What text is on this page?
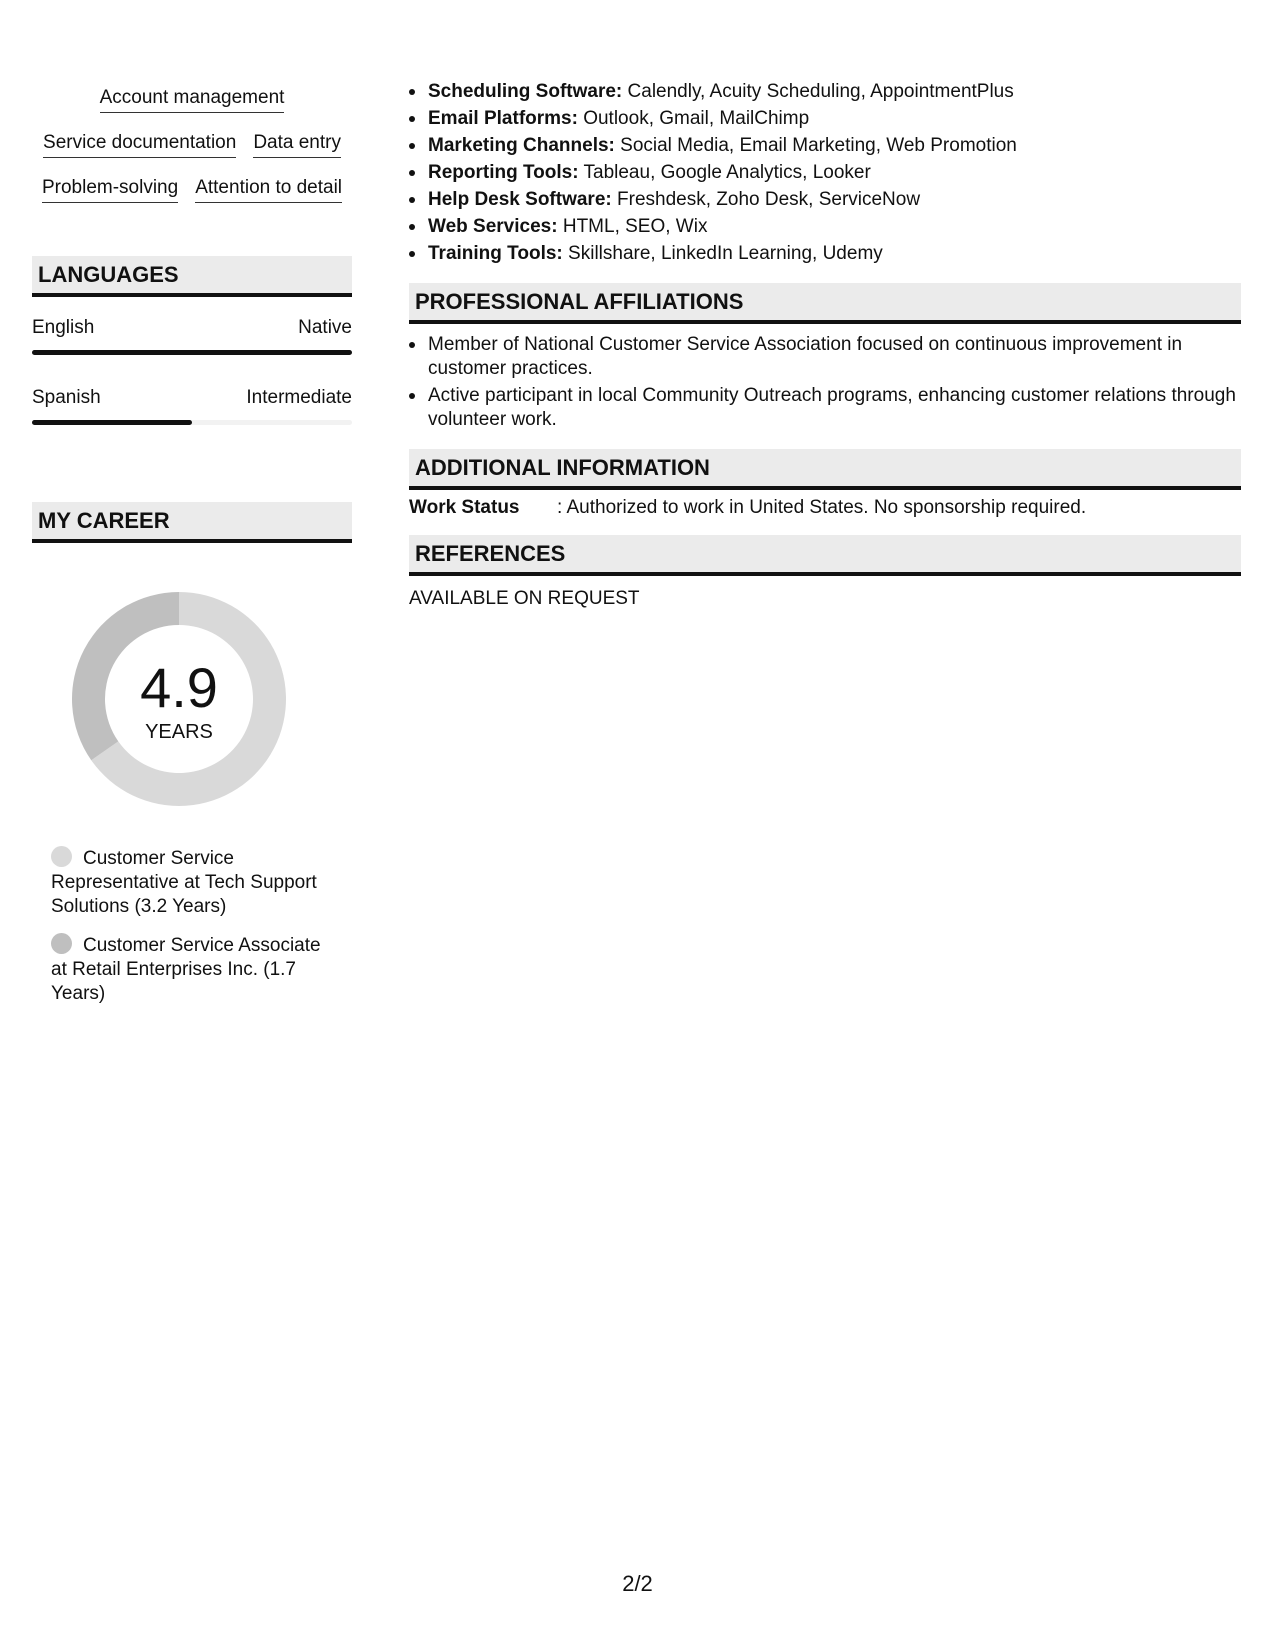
Account management
Service documentation Data entry
Problem-solving Attention to detail
LANGUAGES
English	Native
Spanish	Intermediate
MY CAREER
4.9
YEARS
Customer Service Representative at Tech Support Solutions (3.2 Years)
Customer Service Associate at Retail Enterprises Inc. (1.7 Years)
Scheduling Software: Calendly, Acuity Scheduling, AppointmentPlus
Email Platforms: Outlook, Gmail, MailChimp
Marketing Channels: Social Media, Email Marketing, Web Promotion
Reporting Tools: Tableau, Google Analytics, Looker
Help Desk Software: Freshdesk, Zoho Desk, ServiceNow
Web Services: HTML, SEO, Wix
Training Tools: Skillshare, LinkedIn Learning, Udemy
PROFESSIONAL AFFILIATIONS
Member of National Customer Service Association focused on continuous improvement in customer practices.
Active participant in local Community Outreach programs, enhancing customer relations through volunteer work.
ADDITIONAL INFORMATION
Work Status	: Authorized to work in United States. No sponsorship required.
REFERENCES
AVAILABLE ON REQUEST
2/2
